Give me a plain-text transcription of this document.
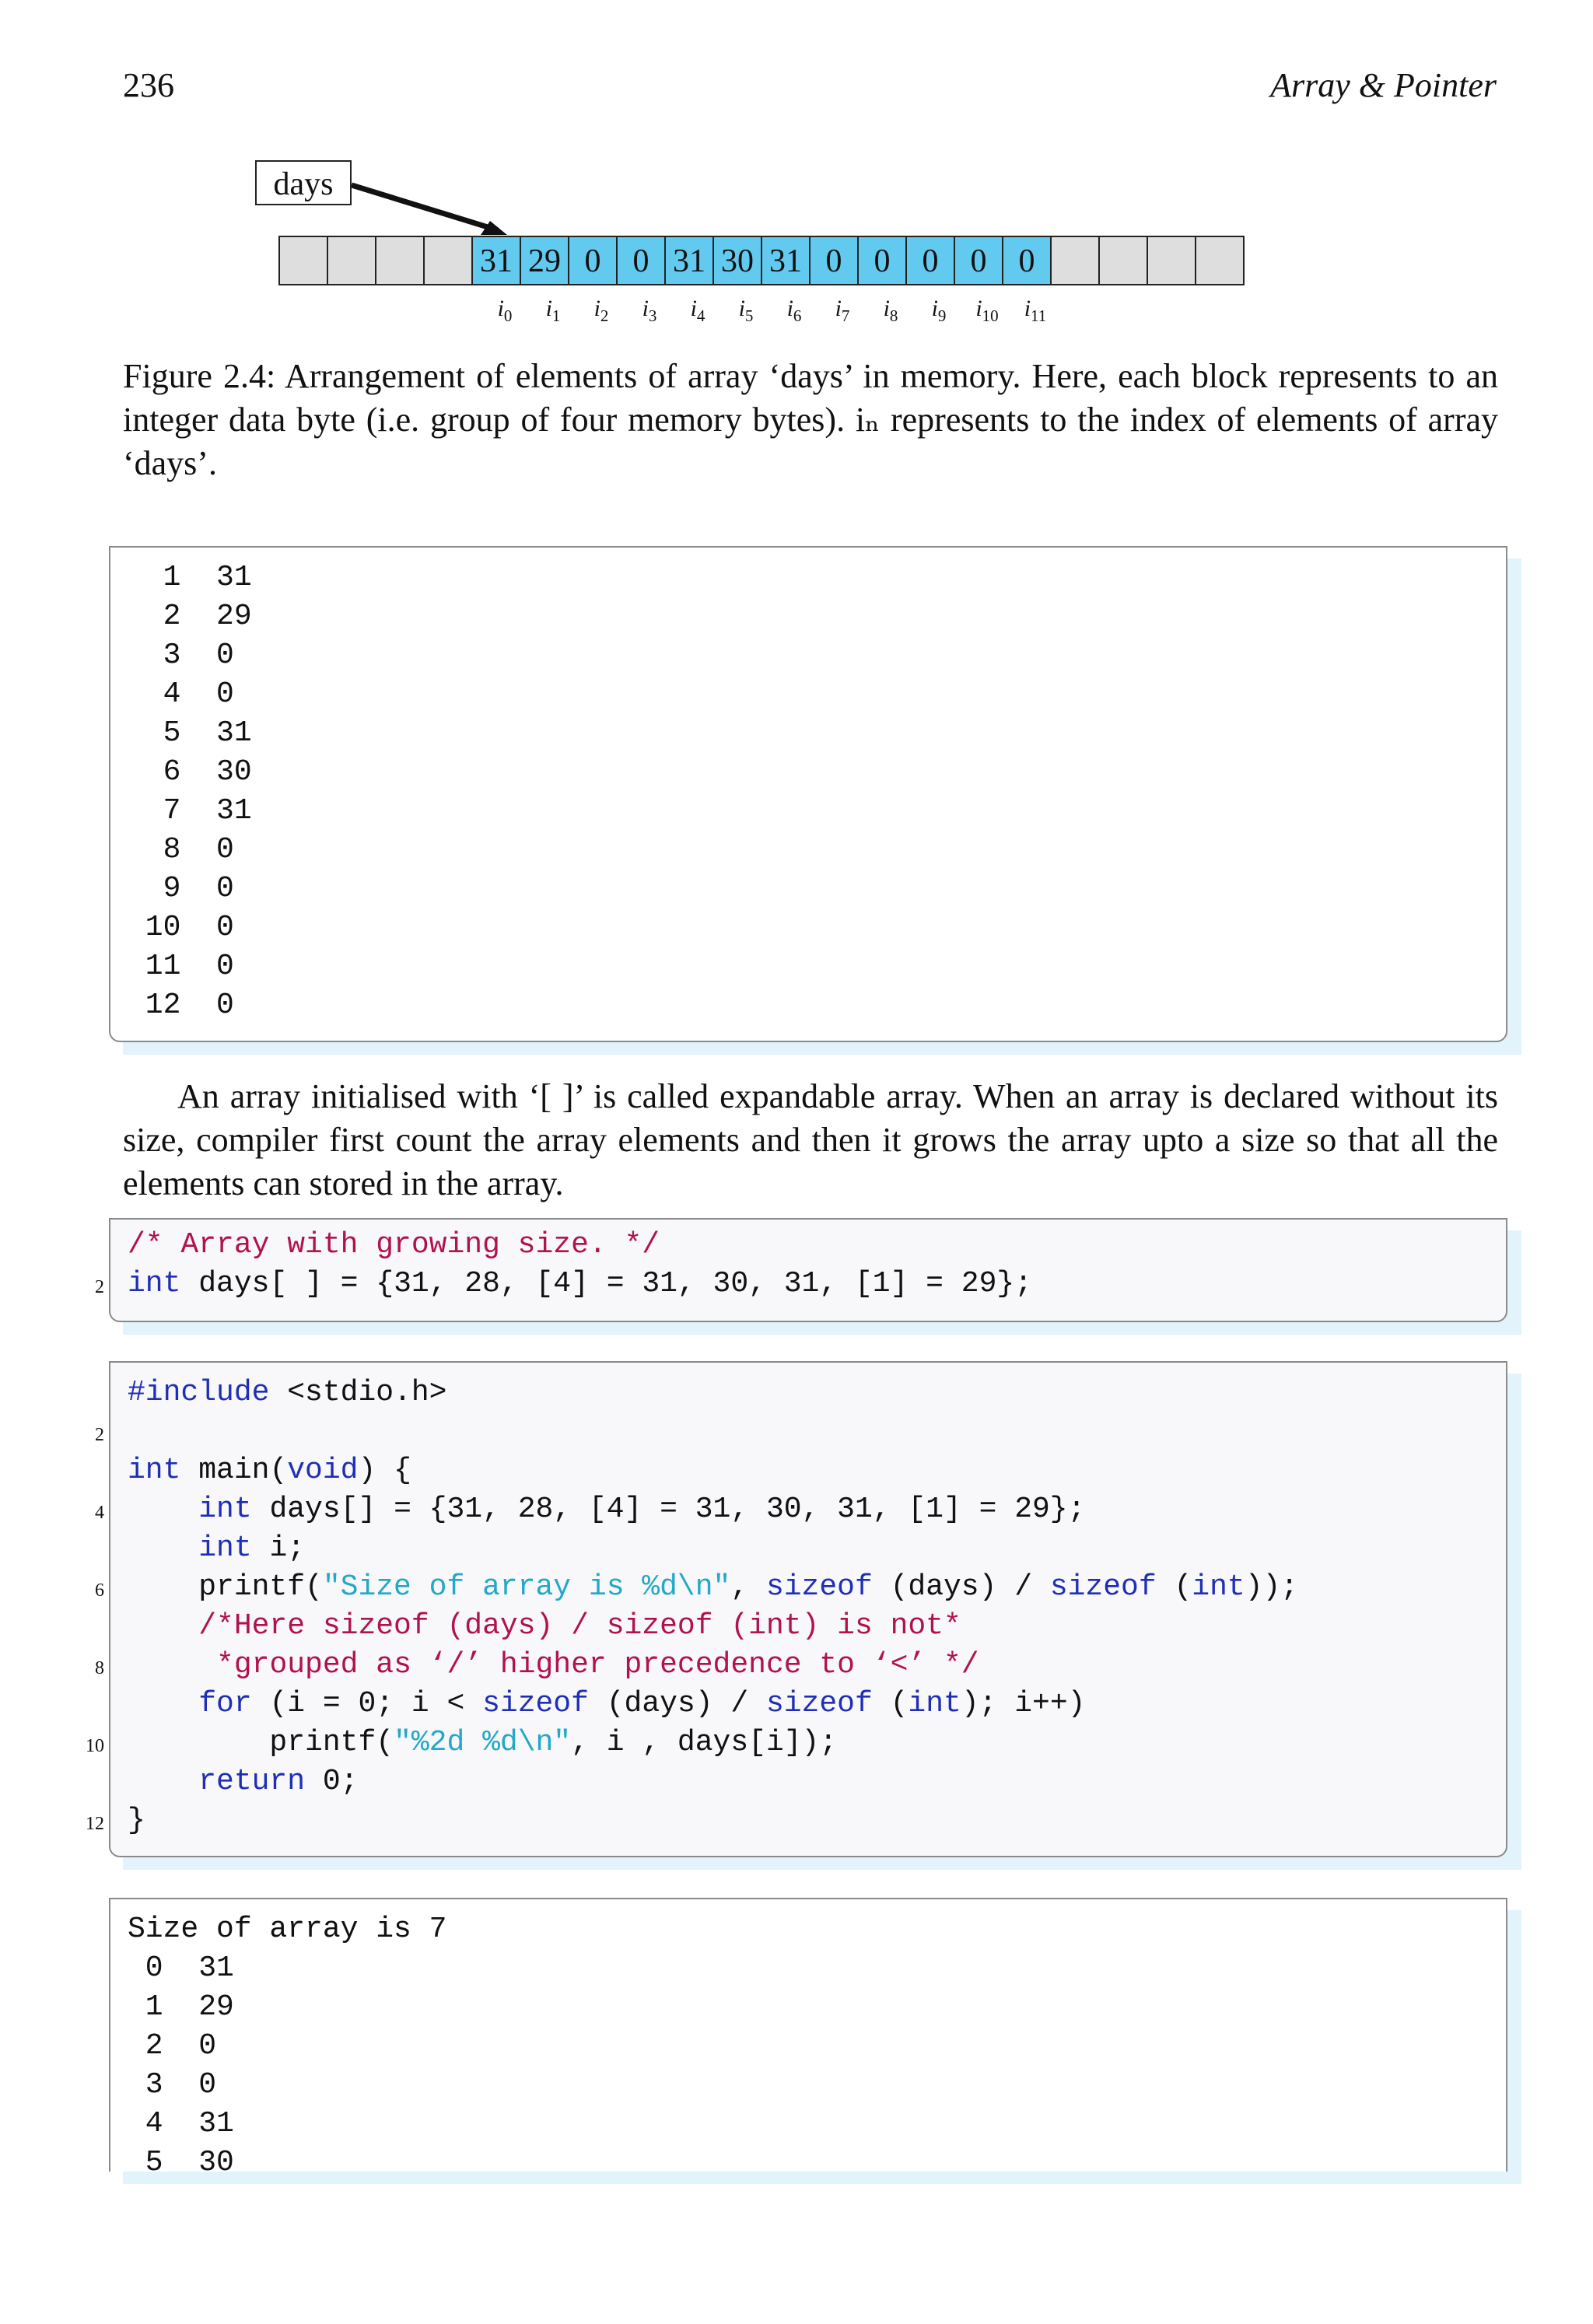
236	Array & Pointer
days
31 29 0 0 31 30 31 0 0 0 0 0
$i_0$	$i_1$	$i_2$	$i_3$	$i_4$	$i_5$	$i_6$	$i_7$	$i_8$	$i_9$	$i_{10}$	$i_{11}$
Figure 2.4: Arrangement of elements of array ‘days’ in memory. Here, each block represents to an integer data byte (i.e. group of four memory bytes). iₙ represents to the index of elements of array ‘days’.
1  31
2  29
3  0
4  0
5  31
6  30
7  31
8  0
9  0
10  0
11  0
12  0
An array initialised with ‘[ ]’ is called expandable array. When an array is declared without its size, compiler first count the array elements and then it grows the array upto a size so that all the elements can stored in the array.
/* Array with growing size. */
int days[ ] = {31, 28, [4] = 31, 30, 31, [1] = 29};
2
#include <stdio.h>
int main(void) {
int days[] = {31, 28, [4] = 31, 30, 31, [1] = 29};
int i;
printf("Size of array is %d\n", sizeof (days) / sizeof (int));
/*Here sizeof (days) / sizeof (int) is not*
*grouped as ‘/’ higher precedence to ‘<’ */
for (i = 0; i < sizeof (days) / sizeof (int); i++)
printf("%2d %d\n", i , days[i]);
return 0;
}
2
4
6
8
10
12
Size of array is 7
0  31
1  29
2  0
3  0
4  31
5  30
